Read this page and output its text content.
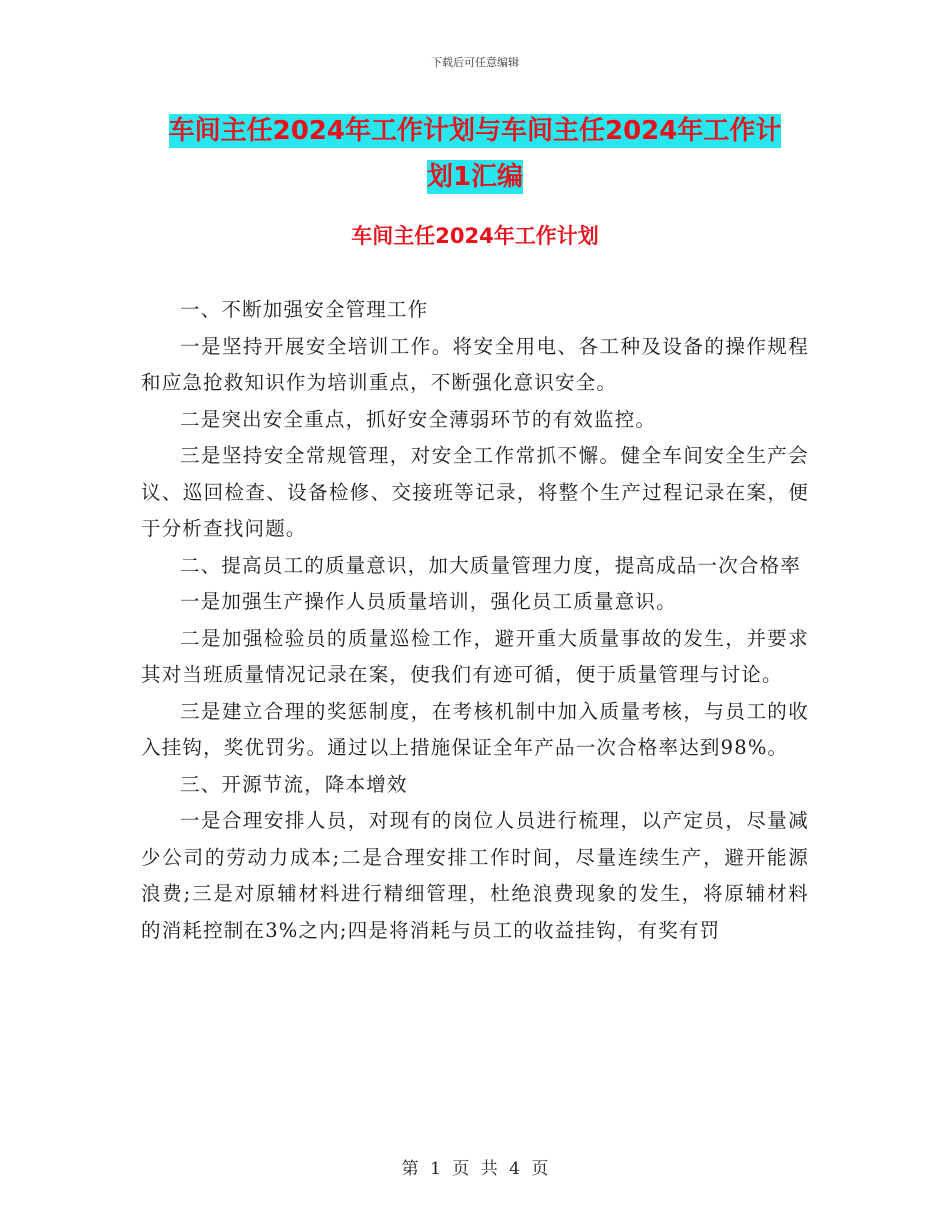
下载后可任意编辑
车间主任2024年工作计划与车间主任2024年工作计
划1汇编
车间主任2024年工作计划

一、不断加强安全管理工作

一是坚持开展安全培训工作。将安全用电、各工种及设备的操作规程和应急抢救知识作为培训重点，不断强化意识安全。

二是突出安全重点，抓好安全薄弱环节的有效监控。

三是坚持安全常规管理，对安全工作常抓不懈。健全车间安全生产会议、巡回检查、设备检修、交接班等记录，将整个生产过程记录在案，便于分析查找问题。

二、提高员工的质量意识，加大质量管理力度，提高成品一次合格率

一是加强生产操作人员质量培训，强化员工质量意识。

二是加强检验员的质量巡检工作，避开重大质量事故的发生，并要求其对当班质量情况记录在案，使我们有迹可循，便于质量管理与讨论。

三是建立合理的奖惩制度，在考核机制中加入质量考核，与员工的收入挂钩，奖优罚劣。通过以上措施保证全年产品一次合格率达到98%。

三、开源节流，降本增效

一是合理安排人员，对现有的岗位人员进行梳理，以产定员，尽量减少公司的劳动力成本;二是合理安排工作时间，尽量连续生产，避开能源浪费;三是对原辅材料进行精细管理，杜绝浪费现象的发生，将原辅材料的消耗控制在3%之内;四是将消耗与员工的收益挂钩，有奖有罚

第 1 页 共 4 页
